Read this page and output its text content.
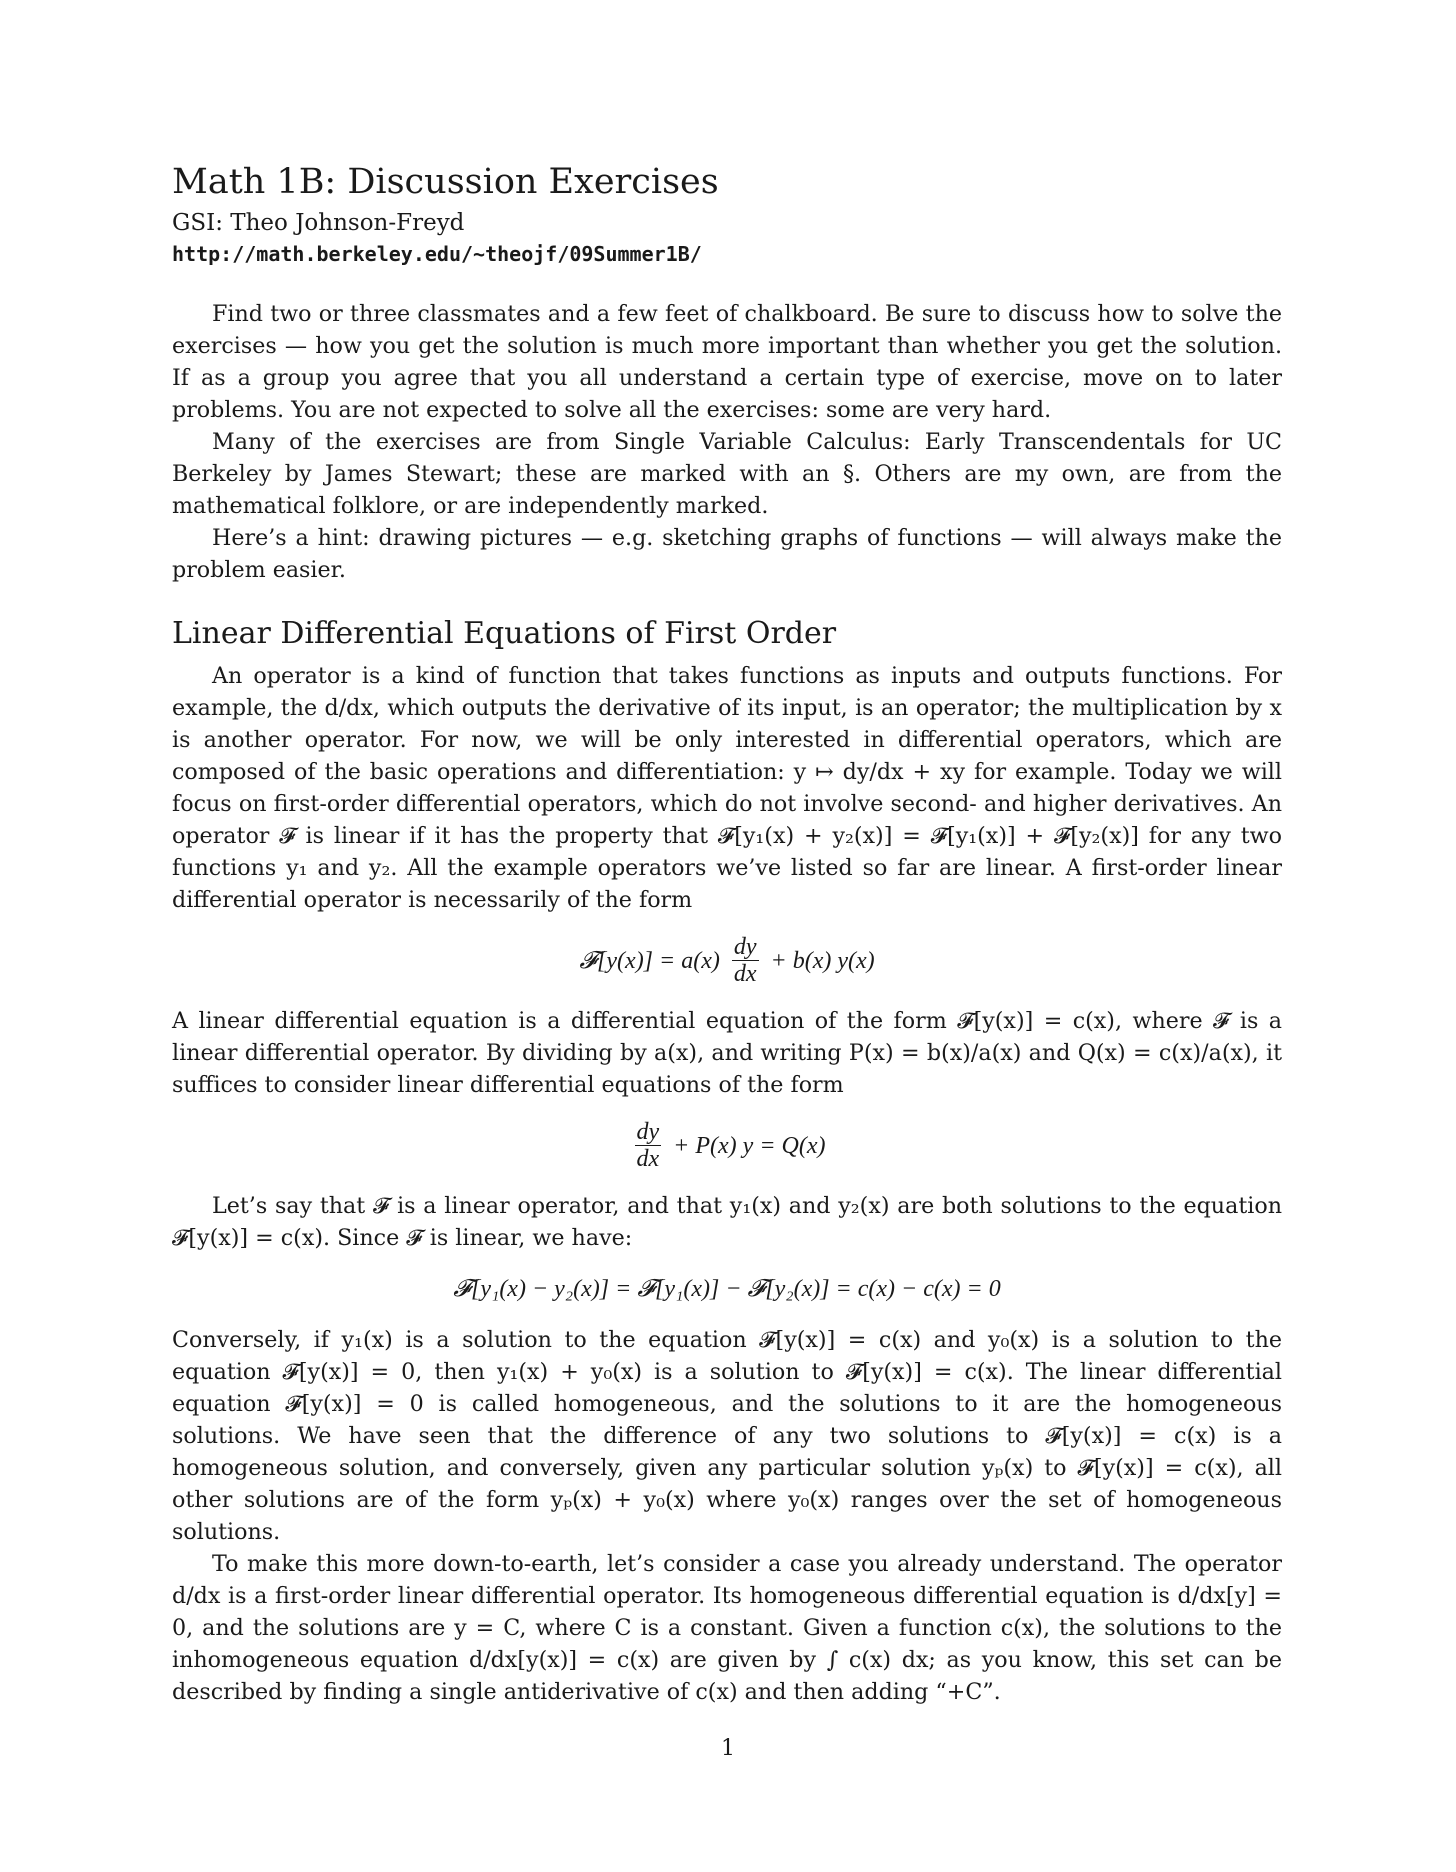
Math 1B: Discussion Exercises
GSI: Theo Johnson-Freyd
http://math.berkeley.edu/~theojf/09Summer1B/

Find two or three classmates and a few feet of chalkboard. Be sure to discuss how to solve the exercises — how you get the solution is much more important than whether you get the solution. If as a group you agree that you all understand a certain type of exercise, move on to later problems. You are not expected to solve all the exercises: some are very hard.

Many of the exercises are from Single Variable Calculus: Early Transcendentals for UC Berkeley by James Stewart; these are marked with an §. Others are my own, are from the mathematical folklore, or are independently marked.

Here’s a hint: drawing pictures — e.g. sketching graphs of functions — will always make the problem easier.

Linear Differential Equations of First Order

An operator is a kind of function that takes functions as inputs and outputs functions. For example, the d/dx, which outputs the derivative of its input, is an operator; the multiplication by x is another operator. For now, we will be only interested in differential operators, which are composed of the basic operations and differentiation: y ↦ dy/dx + xy for example. Today we will focus on first-order differential operators, which do not involve second- and higher derivatives. An operator 𝓕 is linear if it has the property that 𝓕[y₁(x) + y₂(x)] = 𝓕[y₁(x)] + 𝓕[y₂(x)] for any two functions y₁ and y₂. All the example operators we’ve listed so far are linear. A first-order linear differential operator is necessarily of the form

𝓕[y(x)] = $a(x) \frac{dy}{dx} + b(x)$ y(x)

A linear differential equation is a differential equation of the form 𝓕[y(x)] = c(x), where 𝓕 is a linear differential operator. By dividing by a(x), and writing P(x) = b(x)/a(x) and Q(x) = c(x)/a(x), it suffices to consider linear differential equations of the form

$\frac{dy}{dx} + P(x) y = Q(x)$

Let’s say that 𝓕 is a linear operator, and that y₁(x) and y₂(x) are both solutions to the equation 𝓕[y(x)] = c(x). Since 𝓕 is linear, we have:

𝓕[y₁(x) − y₂(x)] = 𝓕[y₁(x)] − 𝓕[y₂(x)] = c(x) − c(x) = 0

Conversely, if y₁(x) is a solution to the equation 𝓕[y(x)] = c(x) and y₀(x) is a solution to the equation 𝓕[y(x)] = 0, then y₁(x) + y₀(x) is a solution to 𝓕[y(x)] = c(x). The linear differential equation 𝓕[y(x)] = 0 is called homogeneous, and the solutions to it are the homogeneous solutions. We have seen that the difference of any two solutions to 𝓕[y(x)] = c(x) is a homogeneous solution, and conversely, given any particular solution yₚ(x) to 𝓕[y(x)] = c(x), all other solutions are of the form yₚ(x) + y₀(x) where y₀(x) ranges over the set of homogeneous solutions.

To make this more down-to-earth, let’s consider a case you already understand. The operator d/dx is a first-order linear differential operator. Its homogeneous differential equation is d/dx[y] = 0, and the solutions are y = C, where C is a constant. Given a function c(x), the solutions to the inhomogeneous equation d/dx[y(x)] = c(x) are given by ∫ c(x) dx; as you know, this set can be described by finding a single antiderivative of c(x) and then adding “+C”.

1
